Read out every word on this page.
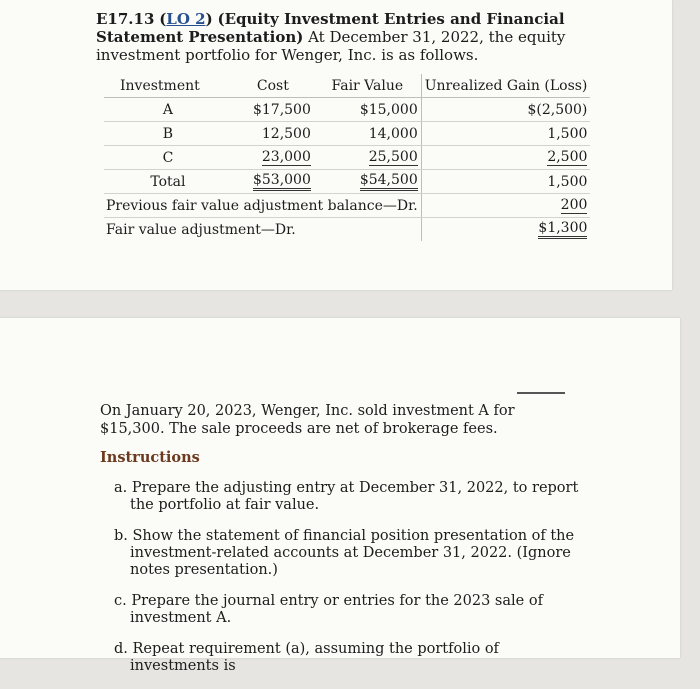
E17.13 (LO 2) (Equity Investment Entries and Financial Statement Presentation) At December 31, 2022, the equity investment portfolio for Wenger, Inc. is as follows.
Investment	Cost	Fair Value	Unrealized Gain (Loss)
A	$17,500	$15,000	$(2,500)
B	12,500	14,000	1,500
C	23,000	25,500	2,500
Total	$53,000	$54,500	1,500
Previous fair value adjustment balance—Dr.			200
Fair value adjustment—Dr.			$1,300
On January 20, 2023, Wenger, Inc. sold investment A for $15,300. The sale proceeds are net of brokerage fees.
Instructions
a. Prepare the adjusting entry at December 31, 2022, to report the portfolio at fair value.
b. Show the statement of financial position presentation of the investment-related accounts at December 31, 2022. (Ignore notes presentation.)
c. Prepare the journal entry or entries for the 2023 sale of investment A.
d. Repeat requirement (a), assuming the portfolio of investments is
